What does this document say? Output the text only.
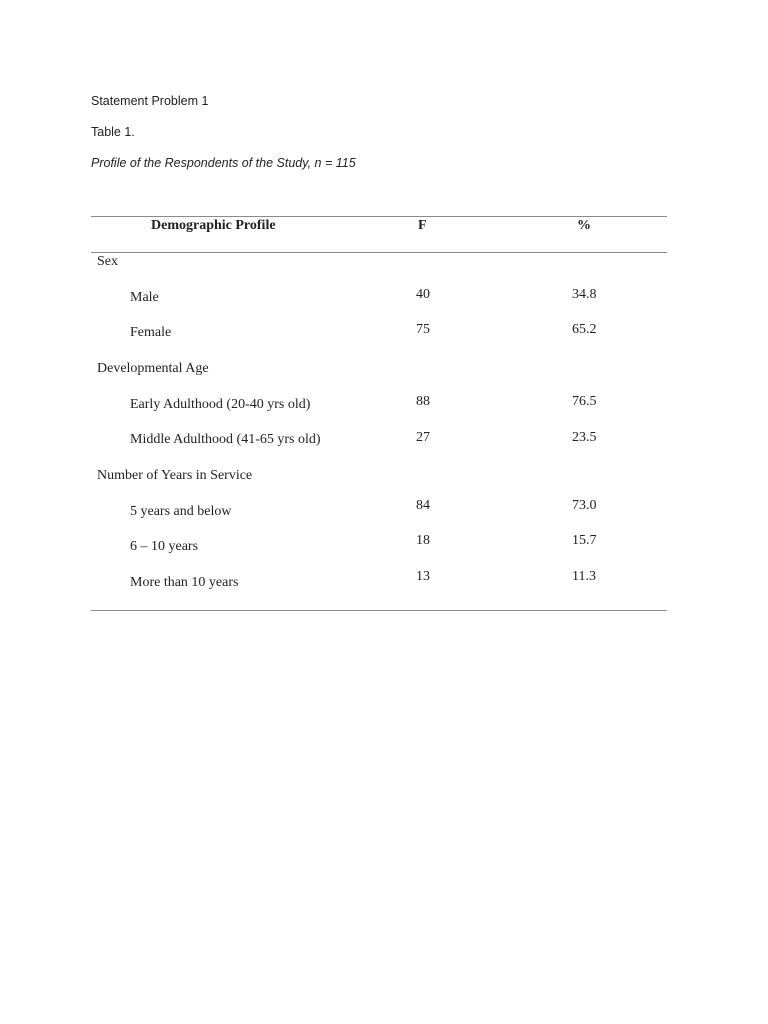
Statement Problem 1
Table 1.
Profile of the Respondents of the Study, n = 115
Demographic Profile	F	%
Sex
Male	40	34.8
Female	75	65.2
Developmental Age
Early Adulthood (20-40 yrs old)	88	76.5
Middle Adulthood (41-65 yrs old)	27	23.5
Number of Years in Service
5 years and below	84	73.0
6 – 10 years	18	15.7
More than 10 years	13	11.3
